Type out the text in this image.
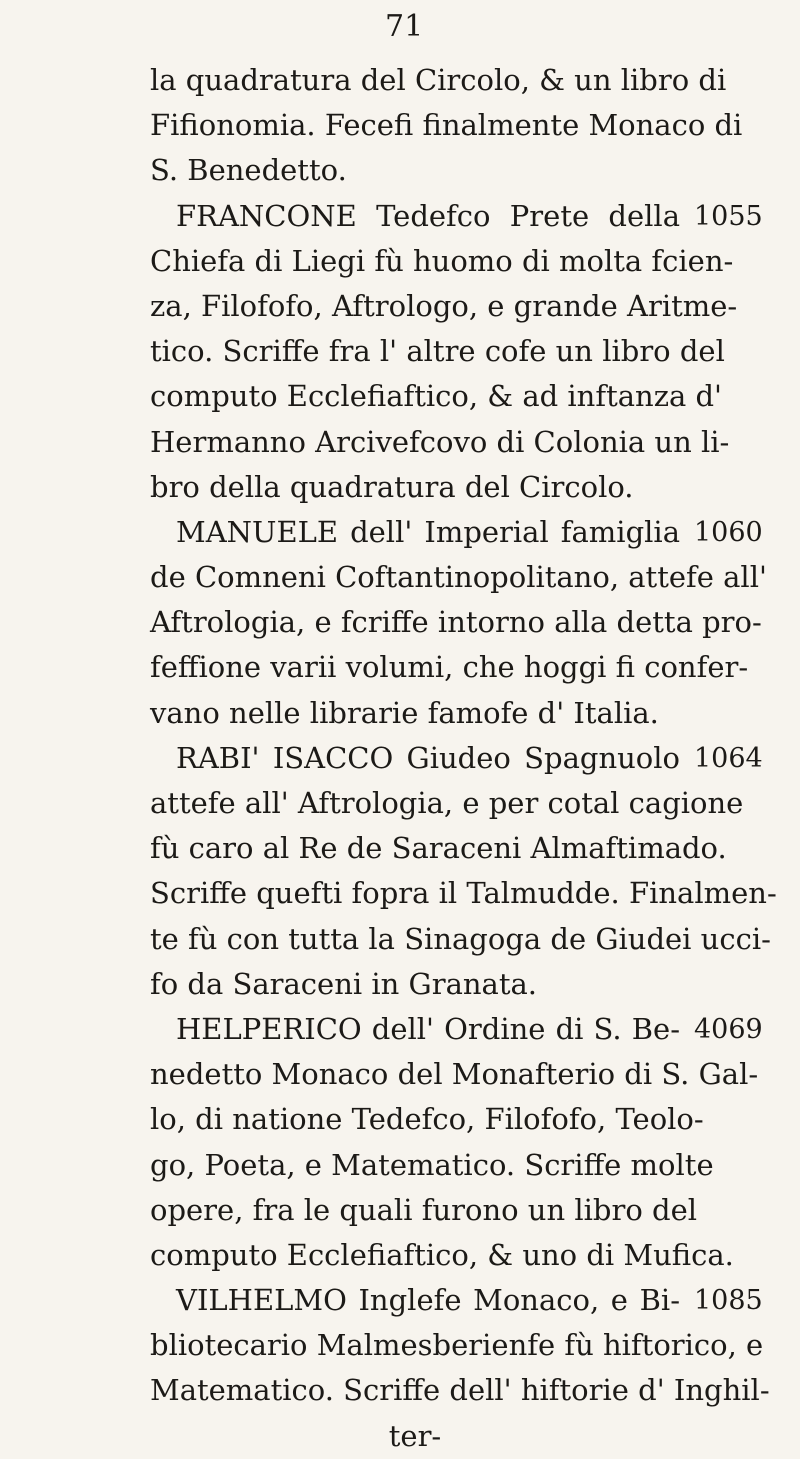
71
la quadratura del Circolo, & un libro di
Fifionomia. Fecefi finalmente Monaco di
S. Benedetto.
FRANCONE Tedefco Prete della
Chiefa di Liegi fù huomo di molta fcien-
za, Filofofo, Aftrologo, e grande Aritme-
tico. Scriffe fra l' altre cofe un libro del
computo Ecclefiaftico, & ad inftanza d'
Hermanno Arcivefcovo di Colonia un li-
bro della quadratura del Circolo.
MANUELE dell' Imperial famiglia
de Comneni Coftantinopolitano, attefe all'
Aftrologia, e fcriffe intorno alla detta pro-
feffione varii volumi, che hoggi fi confer-
vano nelle librarie famofe d' Italia.
RABI' ISACCO Giudeo Spagnuolo
attefe all' Aftrologia, e per cotal cagione
fù caro al Re de Saraceni Almaftimado.
Scriffe quefti fopra il Talmudde. Finalmen-
te fù con tutta la Sinagoga de Giudei ucci-
fo da Saraceni in Granata.
HELPERICO dell' Ordine di S. Be-
nedetto Monaco del Monafterio di S. Gal-
lo, di natione Tedefco, Filofofo, Teolo-
go, Poeta, e Matematico. Scriffe molte
opere, fra le quali furono un libro del
computo Ecclefiaftico, & uno di Mufica.
VILHELMO Inglefe Monaco, e Bi-
bliotecario Malmesberienfe fù hiftorico, e
Matematico. Scriffe dell' hiftorie d' Inghil-
ter-
1055
1060
1064
4069
1085
